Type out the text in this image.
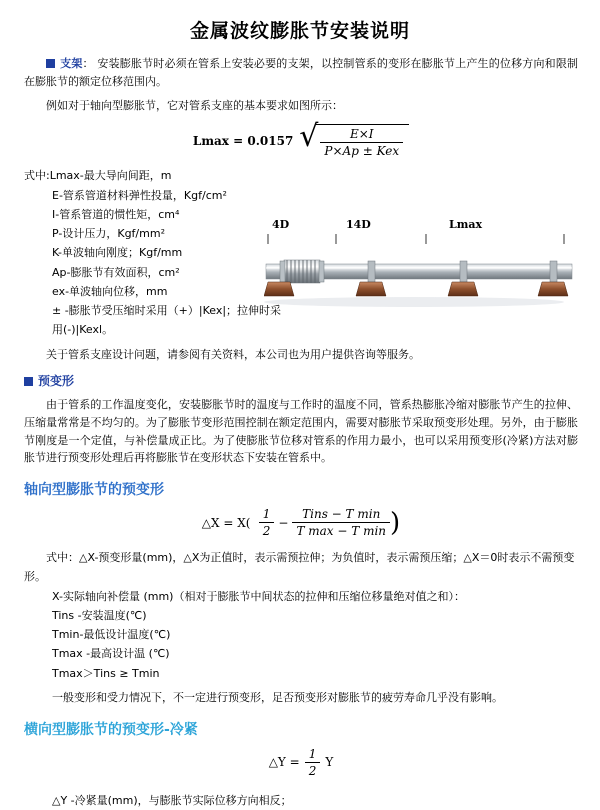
金属波纹膨胀节安装说明

支架： 安装膨胀节时必须在管系上安装必要的支架，以控制管系的变形在膨胀节上产生的位移方向和限制在膨胀节的额定位移范围内。

例如对于轴向型膨胀节，它对管系支座的基本要求如图所示：

Lmax = 0.0157 √ $\frac{E\times I}{\text{P×Ap ± Kex}}$
式中:Lmax-最大导向间距，m
E-管系管道材料弹性投量，Kgf/cm²
I-管系管道的惯性矩，cm⁴
P-设计压力，Kgf/mm²
K-单波轴向刚度；Kgf/mm
Ap-膨胀节有效面积，cm²
ex-单波轴向位移，mm
± -膨胀节受压缩时采用（+）|Kex|；拉伸时采用(-)|Kexl。
4D	14D	Lmax

关于管系支座设计问题，请参阅有关资料，本公司也为用户提供咨询等服务。

预变形

由于管系的工作温度变化，安装膨胀节时的温度与工作时的温度不同，管系热膨胀冷缩对膨胀节产生的拉伸、压缩量常常是不均匀的。为了膨胀节变形范围控制在额定范围内，需要对膨胀节采取预变形处理。另外，由于膨胀节刚度是一个定值，与补偿量成正比。为了使膨胀节位移对管系的作用力最小，也可以采用预变形(冷紧)方法对膨胀节进行预变形处理后再将膨胀节在变形状态下安装在管系中。

轴向型膨胀节的预变形
△X = X(
$\frac{1}{2} - \frac{\text{Tins − T min}}{\text{T max − T min}}$ )
式中：△X-预变形量(mm)，△X为正值时，表示需预拉伸；为负值时，表示需预压缩；△X＝0时表示不需预变形。
X-实际轴向补偿量 (mm)（相对于膨胀节中间状态的拉伸和压缩位移量绝对值之和）：
Tins -安装温度(℃)
Tmin-最低设计温度(℃)
Tmax -最高设计温 (℃)
Tmax＞Tins ≥ Tmin

一般变形和受力情况下，不一定进行预变形，足否预变形对膨胀节的疲劳寿命几乎没有影响。

横向型膨胀节的预变形-冷紧
△Y = $\frac{1}{2}$ Y

△Y -冷紧量(mm)，与膨胀节实际位移方向相反；
